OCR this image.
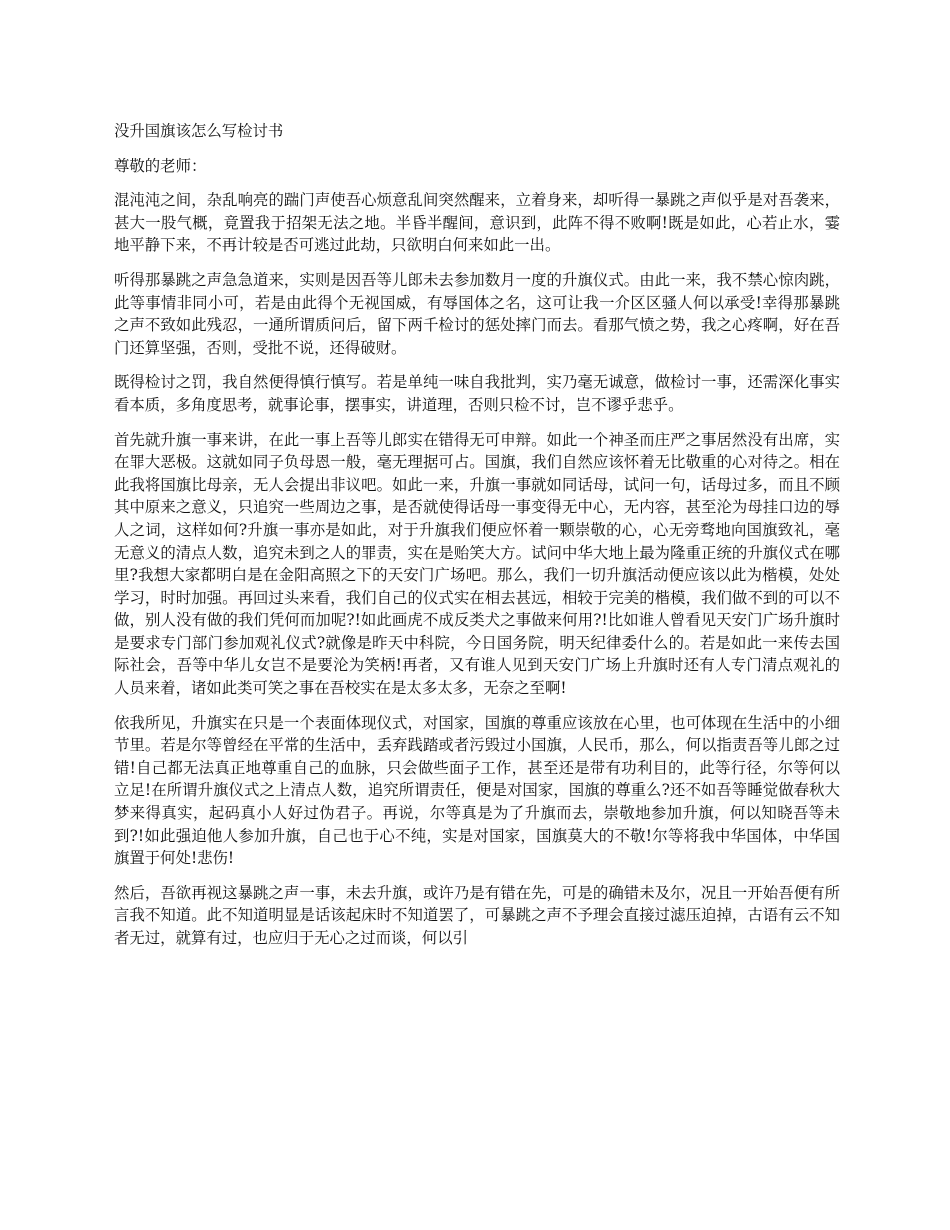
没升国旗该怎么写检讨书
尊敬的老师：
混沌沌之间，杂乱响亮的踹门声使吾心烦意乱间突然醒来，立着身来，却听得一暴跳之声似乎是对吾袭来，甚大一股气概，竟置我于招架无法之地。半昏半醒间，意识到，此阵不得不败啊!既是如此，心若止水，霎地平静下来，不再计较是否可逃过此劫，只欲明白何来如此一出。
听得那暴跳之声急急道来，实则是因吾等儿郎未去参加数月一度的升旗仪式。由此一来，我不禁心惊肉跳，此等事情非同小可，若是由此得个无视国威，有辱国体之名，这可让我一介区区骚人何以承受!幸得那暴跳之声不致如此残忍，一通所谓质问后，留下两千检讨的惩处摔门而去。看那气愤之势，我之心疼啊，好在吾门还算坚强，否则，受批不说，还得破财。
既得检讨之罚，我自然便得慎行慎写。若是单纯一味自我批判，实乃毫无诚意，做检讨一事，还需深化事实看本质，多角度思考，就事论事，摆事实，讲道理，否则只检不讨，岂不谬乎悲乎。
首先就升旗一事来讲，在此一事上吾等儿郎实在错得无可申辩。如此一个神圣而庄严之事居然没有出席，实在罪大恶极。这就如同子负母恩一般，毫无理据可占。国旗，我们自然应该怀着无比敬重的心对待之。相在此我将国旗比母亲，无人会提出非议吧。如此一来，升旗一事就如同话母，试问一句，话母过多，而且不顾其中原来之意义，只追究一些周边之事，是否就使得话母一事变得无中心，无内容，甚至沦为母挂口边的辱人之词，这样如何?升旗一事亦是如此，对于升旗我们便应怀着一颗崇敬的心，心无旁骛地向国旗致礼，毫无意义的清点人数，追究未到之人的罪责，实在是贻笑大方。试问中华大地上最为隆重正统的升旗仪式在哪里?我想大家都明白是在金阳高照之下的天安门广场吧。那么，我们一切升旗活动便应该以此为楷模，处处学习，时时加强。再回过头来看，我们自己的仪式实在相去甚远，相较于完美的楷模，我们做不到的可以不做，别人没有做的我们凭何而加呢?!如此画虎不成反类犬之事做来何用?!比如谁人曾看见天安门广场升旗时是要求专门部门参加观礼仪式?就像是昨天中科院，今日国务院，明天纪律委什么的。若是如此一来传去国际社会，吾等中华儿女岂不是要沦为笑柄!再者，又有谁人见到天安门广场上升旗时还有人专门清点观礼的人员来着，诸如此类可笑之事在吾校实在是太多太多，无奈之至啊!
依我所见，升旗实在只是一个表面体现仪式，对国家，国旗的尊重应该放在心里，也可体现在生活中的小细节里。若是尔等曾经在平常的生活中，丢弃践踏或者污毁过小国旗，人民币，那么，何以指责吾等儿郎之过错!自己都无法真正地尊重自己的血脉，只会做些面子工作，甚至还是带有功利目的，此等行径，尔等何以立足!在所谓升旗仪式之上清点人数，追究所谓责任，便是对国家，国旗的尊重么?还不如吾等睡觉做春秋大梦来得真实，起码真小人好过伪君子。再说，尔等真是为了升旗而去，崇敬地参加升旗，何以知晓吾等未到?!如此强迫他人参加升旗，自己也于心不纯，实是对国家，国旗莫大的不敬!尔等将我中华国体，中华国旗置于何处!悲伤!
然后，吾欲再视这暴跳之声一事，未去升旗，或许乃是有错在先，可是的确错未及尔，况且一开始吾便有所言我不知道。此不知道明显是话该起床时不知道罢了，可暴跳之声不予理会直接过滤压迫掉，古语有云不知者无过，就算有过，也应归于无心之过而谈，何以引
